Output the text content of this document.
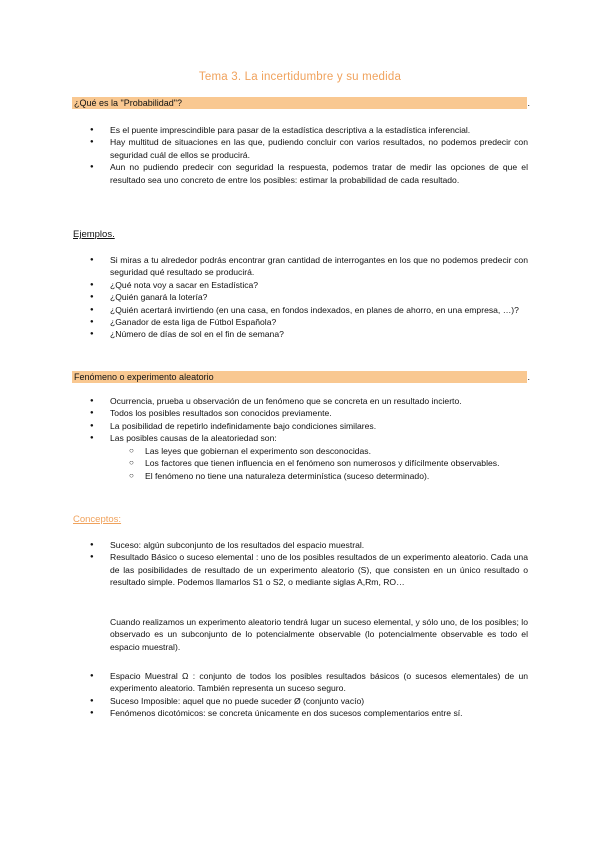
Tema 3. La incertidumbre y su medida
¿Qué es la "Probabilidad"?	.
● Es el puente imprescindible para pasar de la estadística descriptiva a la estadística inferencial.
● Hay multitud de situaciones en las que, pudiendo concluir con varios resultados, no podemos predecir con seguridad cuál de ellos se producirá.
● Aun no pudiendo predecir con seguridad la respuesta, podemos tratar de medir las opciones de que el resultado sea uno concreto de entre los posibles: estimar la probabilidad de cada resultado.
Ejemplos.
● Si miras a tu alrededor podrás encontrar gran cantidad de interrogantes en los que no podemos predecir con seguridad qué resultado se producirá.
● ¿Qué nota voy a sacar en Estadística?
● ¿Quién ganará la lotería?
● ¿Quién acertará invirtiendo (en una casa, en fondos indexados, en planes de ahorro, en una empresa, …)?
● ¿Ganador de esta liga de Fútbol Española?
● ¿Número de días de sol en el fin de semana?
Fenómeno o experimento aleatorio	.
● Ocurrencia, prueba u observación de un fenómeno que se concreta en un resultado incierto.
● Todos los posibles resultados son conocidos previamente.
● La posibilidad de repetirlo indefinidamente bajo condiciones similares.
● Las posibles causas de la aleatoriedad son:
○ Las leyes que gobiernan el experimento son desconocidas.
○ Los factores que tienen influencia en el fenómeno son numerosos y difícilmente observables.
○ El fenómeno no tiene una naturaleza determinística (suceso determinado).
Conceptos:
● Suceso: algún subconjunto de los resultados del espacio muestral.
● Resultado Básico o suceso elemental : uno de los posibles resultados de un experimento aleatorio. Cada una de las posibilidades de resultado de un experimento aleatorio (S), que consisten en un único resultado o resultado simple. Podemos llamarlos S1 o S2, o mediante siglas A,Rm, RO…

Cuando realizamos un experimento aleatorio tendrá lugar un suceso elemental, y sólo uno, de los posibles; lo observado es un subconjunto de lo potencialmente observable (lo potencialmente observable es todo el espacio muestral).

● Espacio Muestral Ω : conjunto de todos los posibles resultados básicos (o sucesos elementales) de un experimento aleatorio. También representa un suceso seguro.
● Suceso Imposible: aquel que no puede suceder Ø (conjunto vacío)
● Fenómenos dicotómicos: se concreta únicamente en dos sucesos complementarios entre sí.
